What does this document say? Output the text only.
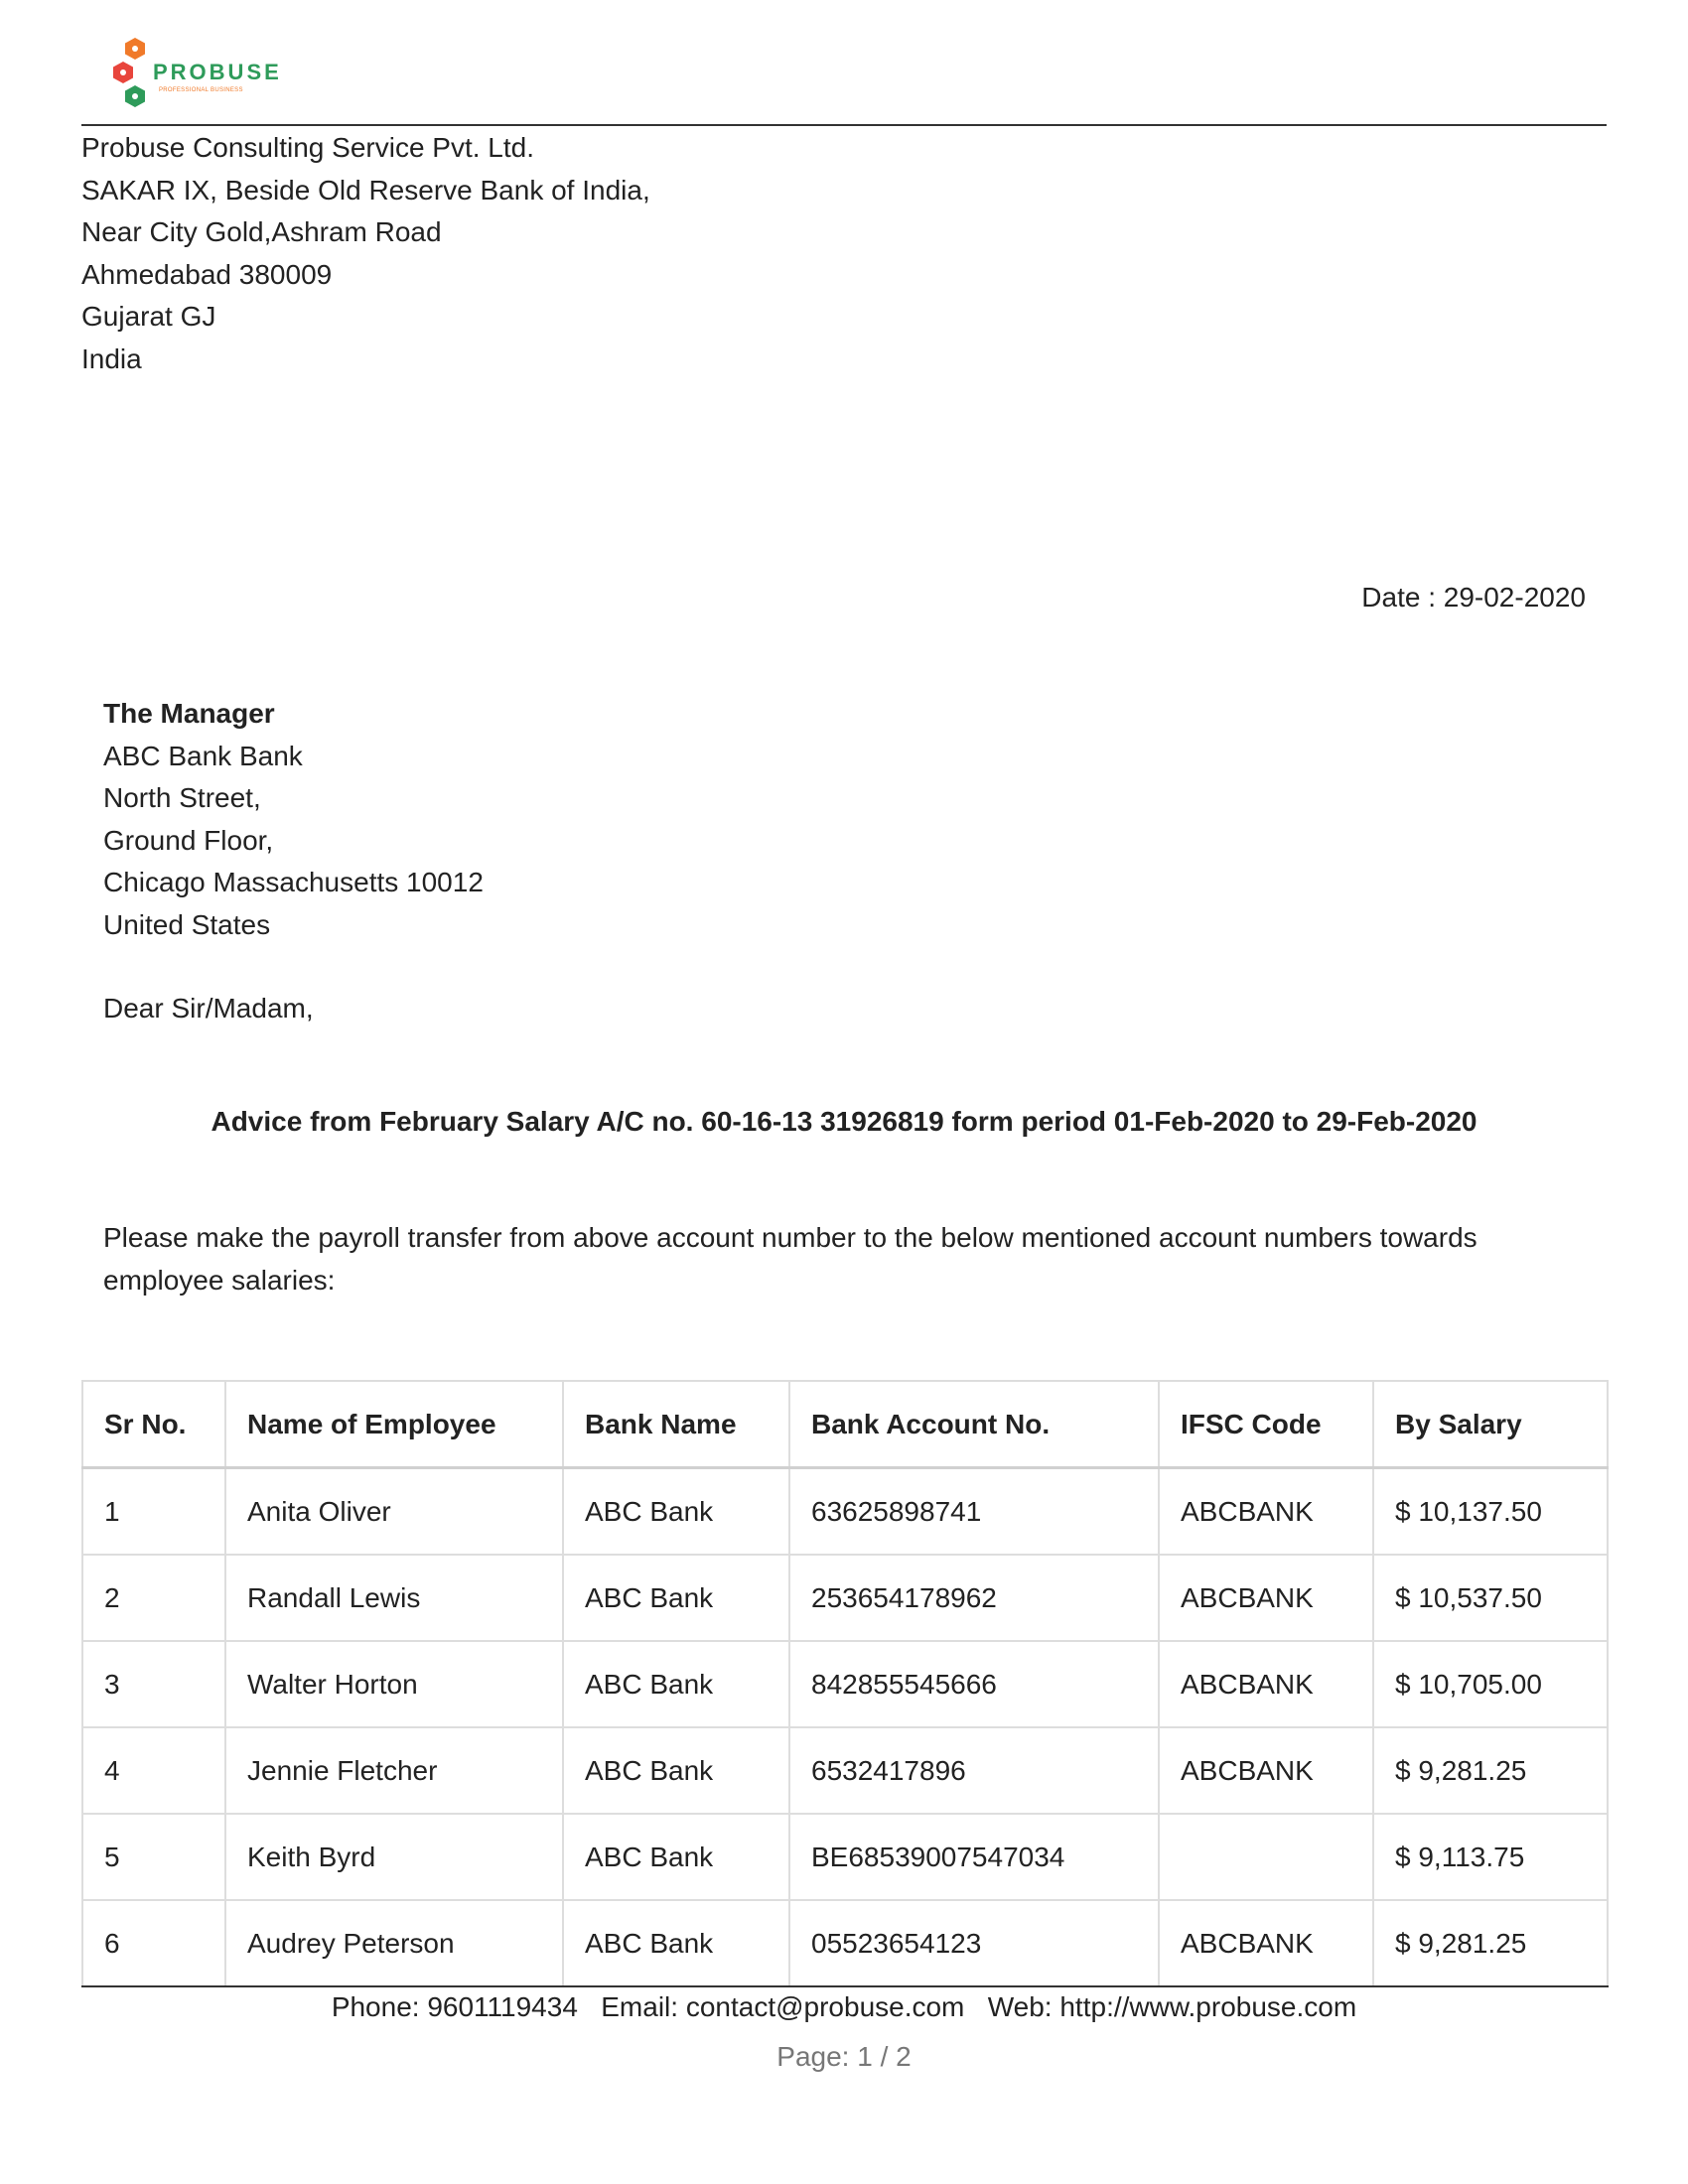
PROBUSE
PROFESSIONAL BUSINESS
Probuse Consulting Service Pvt. Ltd.
SAKAR IX, Beside Old Reserve Bank of India,
Near City Gold,Ashram Road
Ahmedabad 380009
Gujarat GJ
India
Date : 29-02-2020
The Manager
ABC Bank Bank
North Street,
Ground Floor,
Chicago Massachusetts 10012
United States
Dear Sir/Madam,
Advice from February Salary A/C no. 60-16-13 31926819 form period 01-Feb-2020 to 29-Feb-2020
Please make the payroll transfer from above account number to the below mentioned account numbers towards employee salaries:
Sr No.	Name of Employee	Bank Name	Bank Account No.	IFSC Code	By Salary
1	Anita Oliver	ABC Bank	63625898741	ABCBANK	$ 10,137.50
2	Randall Lewis	ABC Bank	253654178962	ABCBANK	$ 10,537.50
3	Walter Horton	ABC Bank	842855545666	ABCBANK	$ 10,705.00
4	Jennie Fletcher	ABC Bank	6532417896	ABCBANK	$ 9,281.25
5	Keith Byrd	ABC Bank	BE68539007547034		$ 9,113.75
6	Audrey Peterson	ABC Bank	05523654123	ABCBANK	$ 9,281.25
Phone: 9601119434 Email: contact@probuse.com Web: http://www.probuse.com
Page: 1 / 2
